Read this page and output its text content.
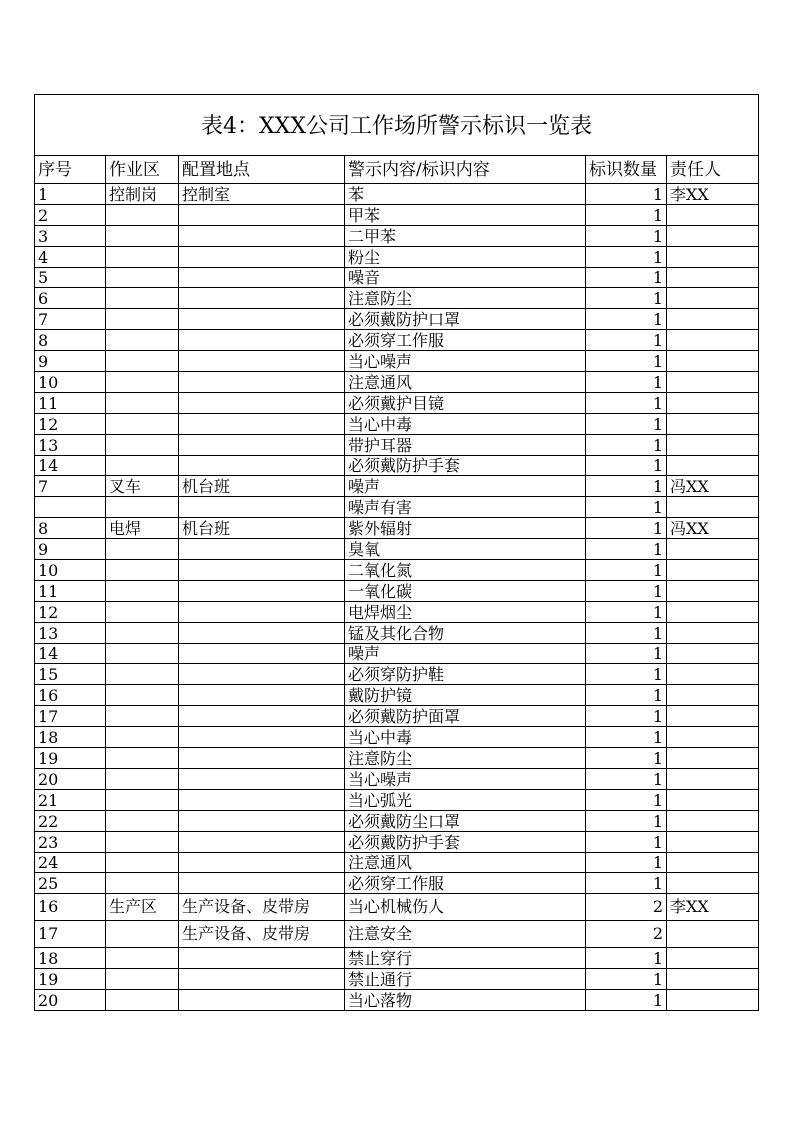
表4：XXX公司工作场所警示标识一览表					
序号	作业区	配置地点	警示内容/标识内容	标识数量	责任人
1	控制岗	控制室	苯	1	李XX
2			甲苯	1	
3			二甲苯	1	
4			粉尘	1	
5			噪音	1	
6			注意防尘	1	
7			必须戴防护口罩	1	
8			必须穿工作服	1	
9			当心噪声	1	
10			注意通风	1	
11			必须戴护目镜	1	
12			当心中毒	1	
13			带护耳器	1	
14			必须戴防护手套	1	
7	叉车	机台班	噪声	1	冯XX
			噪声有害	1	
8	电焊	机台班	紫外辐射	1	冯XX
9			臭氧	1	
10			二氧化氮	1	
11			一氧化碳	1	
12			电焊烟尘	1	
13			锰及其化合物	1	
14			噪声	1	
15			必须穿防护鞋	1	
16			戴防护镜	1	
17			必须戴防护面罩	1	
18			当心中毒	1	
19			注意防尘	1	
20			当心噪声	1	
21			当心弧光	1	
22			必须戴防尘口罩	1	
23			必须戴防护手套	1	
24			注意通风	1	
25			必须穿工作服	1	
16	生产区	生产设备、皮带房	当心机械伤人	2	李XX
17		生产设备、皮带房	注意安全	2	
18			禁止穿行	1	
19			禁止通行	1	
20			当心落物	1	
